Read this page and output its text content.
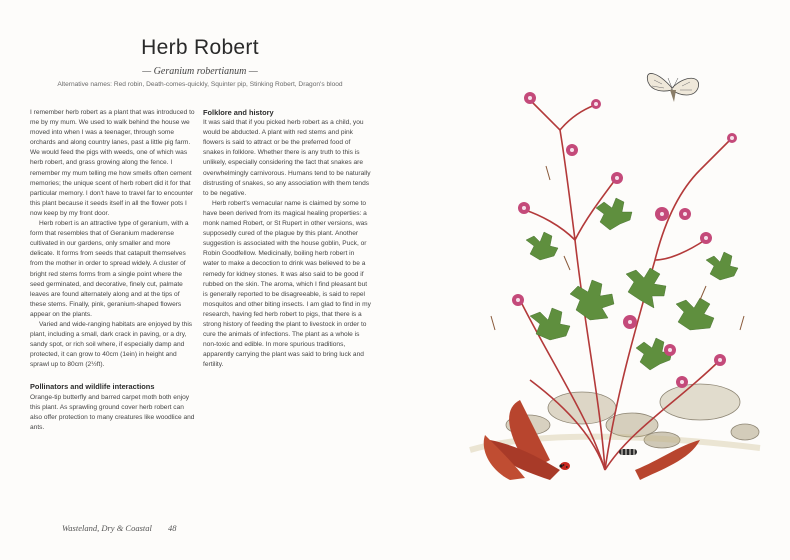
Herb Robert
— Geranium robertianum —
Alternative names: Red robin, Death-comes-quickly, Squinter pip, Stinking Robert, Dragon's blood

I remember herb robert as a plant that was introduced to me by my mum. We used to walk behind the house we moved into when I was a teenager, through some orchards and along country lanes, past a little pig farm. We would feed the pigs with weeds, one of which was herb robert, and grass growing along the fence. I remember my mum telling me how smells often cement memories; the unique scent of herb robert did it for that particular memory. I don't have to travel far to encounter this plant because it seeds itself in all the flower pots I now keep by my front door.

Herb robert is an attractive type of geranium, with a form that resembles that of Geranium maderense cultivated in our gardens, only smaller and more delicate. It forms from seeds that catapult themselves from the mother in order to spread widely. A cluster of bright red stems forms from a single point where the seed germinated, and decorative, finely cut, palmate leaves are found alternately along and at the tips of these stems. Finally, pink, geranium-shaped flowers appear on the plants.

Varied and wide-ranging habitats are enjoyed by this plant, including a small, dark crack in paving, or a dry, sandy spot, or rich soil where, if especially damp and protected, it can grow to 40cm (1ein) in height and sprawl up to 80cm (2½ft).

Pollinators and wildlife interactions

Orange-tip butterfly and barred carpet moth both enjoy this plant. As sprawling ground cover herb robert can also offer protection to many creatures like woodlice and ants.

Folklore and history

It was said that if you picked herb robert as a child, you would be abducted. A plant with red stems and pink flowers is said to attract or be the preferred food of snakes in folklore. Whether there is any truth to this is unlikely, especially considering the fact that snakes are overwhelmingly carnivorous. Humans tend to be naturally distrusting of snakes, so any association with them tends to be negative.

Herb robert's vernacular name is claimed by some to have been derived from its magical healing properties: a monk named Robert, or St Rupert in other versions, was supposedly cured of the plague by this plant. Another suggestion is associated with the house goblin, Puck, or Robin Goodfellow. Medicinally, boiling herb robert in water to make a decoction to drink was believed to be a remedy for kidney stones. It was also said to be good if rubbed on the skin. The aroma, which I find pleasant but is generally reported to be disagreeable, is said to repel mosquitos and other biting insects. I am glad to find in my research, having fed herb robert to pigs, that there is a strong history of feeding the plant to livestock in order to cure the animals of infections. The plant as a whole is non-toxic and edible. In more spurious traditions, apparently carrying the plant was said to bring luck and fertility.

Wasteland, Dry & Coastal 48
